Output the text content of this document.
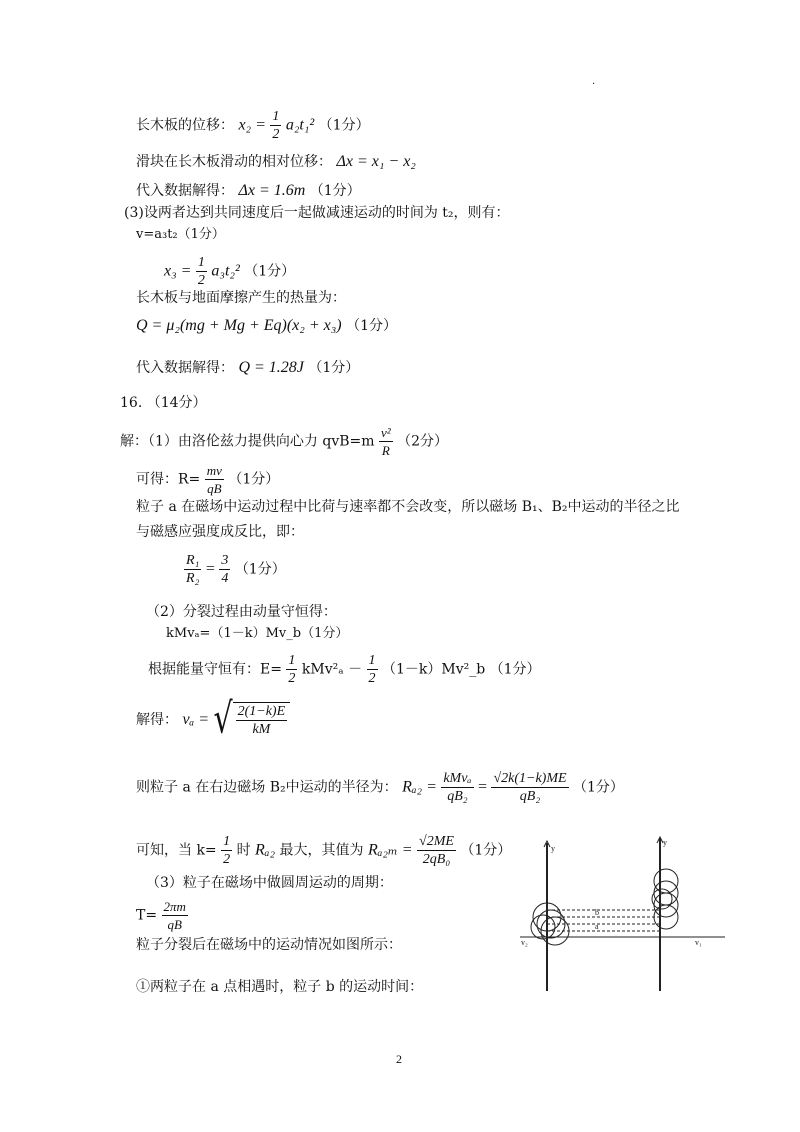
.
长木板的位移： $x_2 = \frac{1}{2} a_2t_1^2$ （1分）
滑块在长木板滑动的相对位移： Δx = x₁ − x₂
代入数据解得： Δx = 1.6m （1分）
(3)设两者达到共同速度后一起做减速运动的时间为 t₂，则有：
v=a₃t₂（1分）
$x_3 = \frac{1}{2} a_3t_2^2$ （1分）
长木板与地面摩擦产生的热量为：
Q = μ₂(mg + Mg + Eq)(x₂ + x₃) （1分）
代入数据解得： Q = 1.28J （1分）
16. （14分）
解：（1）由洛伦兹力提供向心力 $qvB=m \frac{\text{v²}}{R} (2$分）
可得：$R= \frac{mv}{qB} (1$分）
粒子 a 在磁场中运动过程中比荷与速率都不会改变，所以磁场 B₁、B₂中运动的半径之比
与磁感应强度成反比，即：
$\frac{\text{R₁}}{\text{R₂}} = \frac{3}{4} (1$分）
（2）分裂过程由动量守恒得：
kMvₐ=（1－k）Mv_b（1分）
根据能量守恒有：$E= \frac{1}{2} kMv^2_a - \frac{1}{2}$ （1－k）Mv²_b （1分）
解得： vₐ = √ $\frac{2(1-k)E}{kM}$
则粒子 a 在右边磁场 B₂中运动的半径为： $R_{a2} = \frac{\text{kMvₐ}}{\text{qB₂}} = \frac{√2k(1-k)ME}{\text{qB₂}} (1$分）
可知，当 $k= \frac{1}{2}$ 时 Rₐ₂ 最大，其值为 $R_{a2m} = \frac{√2ME}{\text{2qB₀}} (1$分）
（3）粒子在磁场中做圆周运动的周期：
$T= \frac{2\pi m}{qB}$
粒子分裂后在磁场中的运动情况如图所示：
①两粒子在 a 点相遇时，粒子 b 的运动时间：
y
y
v₂	v₁
b
a
2
